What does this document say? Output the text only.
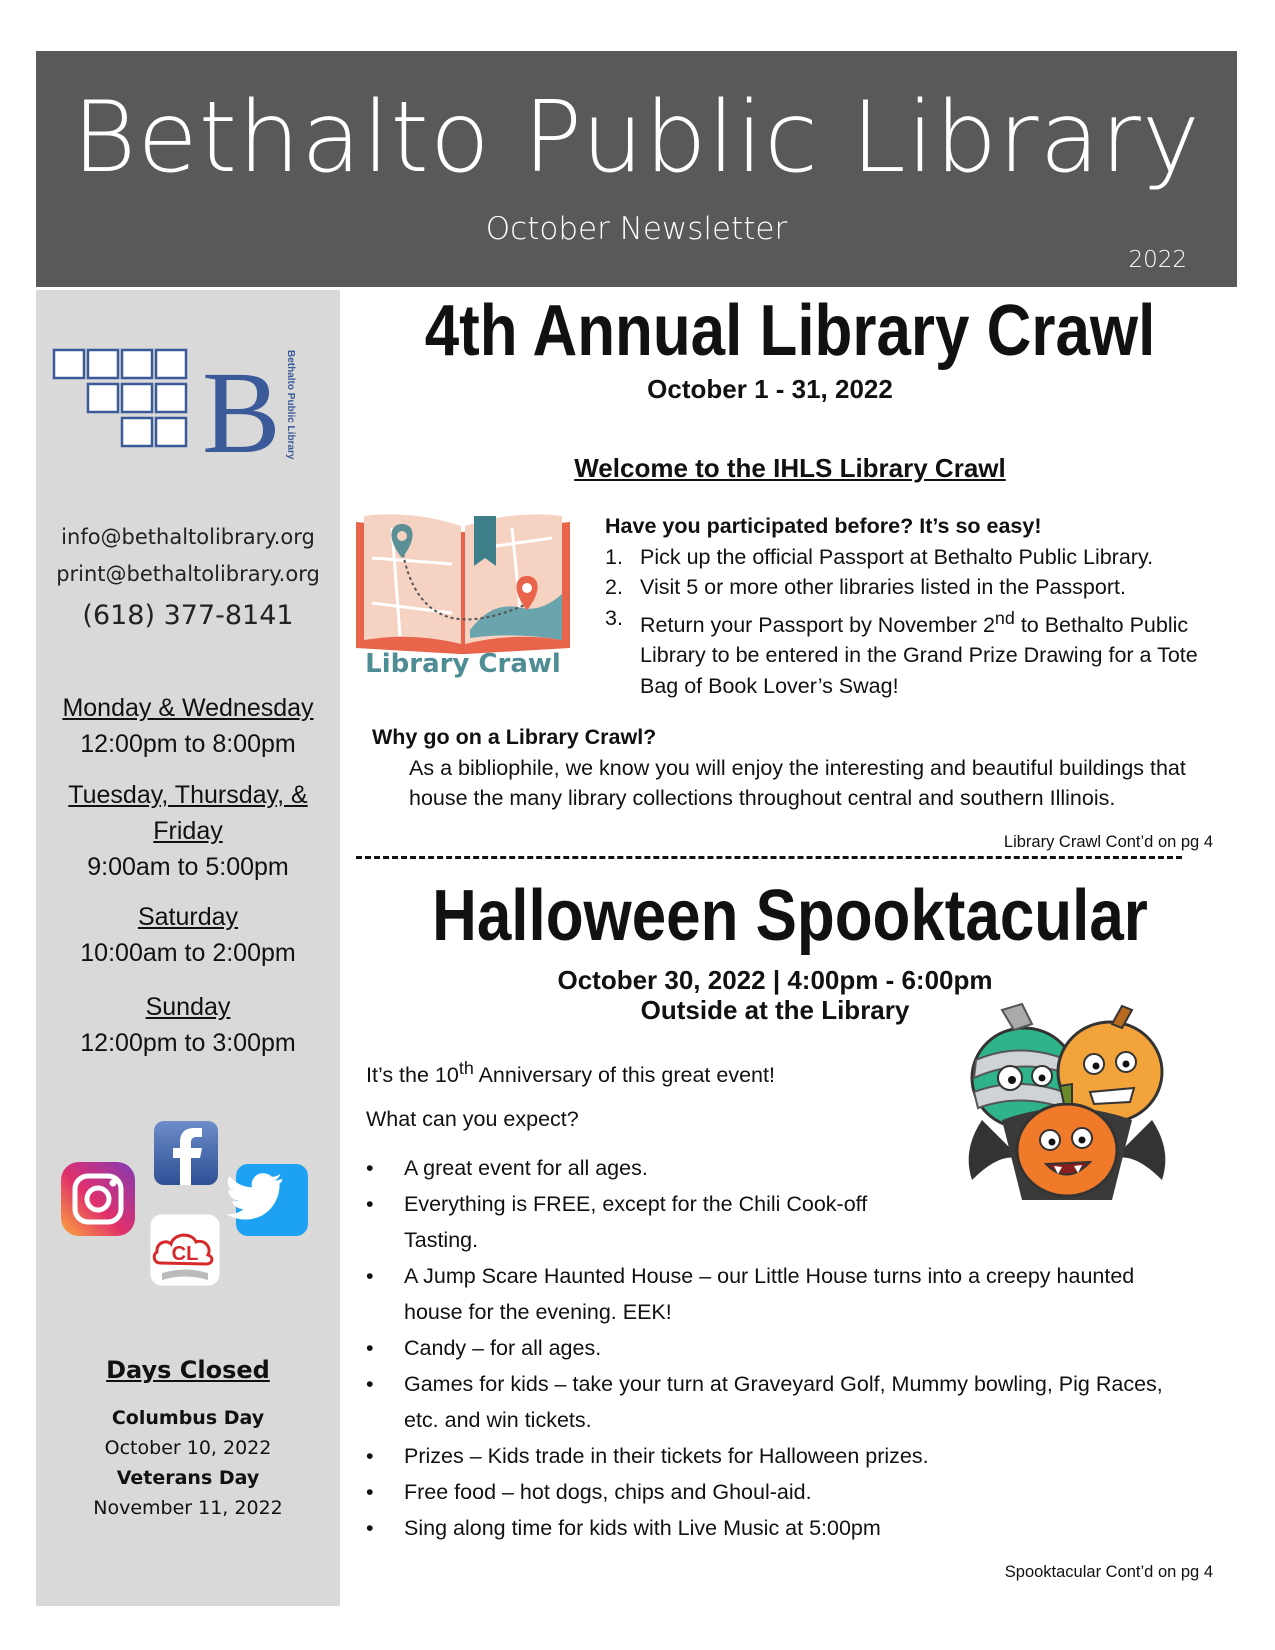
Bethalto Public Library
October Newsletter
2022
B Bethalto Public Library
info@bethaltolibrary.org
print@bethaltolibrary.org
(618) 377-8141
Monday & Wednesday
12:00pm to 8:00pm
Tuesday, Thursday, &
Friday
9:00am to 5:00pm
Saturday
10:00am to 2:00pm
Sunday
12:00pm to 3:00pm
CL
Days Closed
Columbus Day
October 10, 2022
Veterans Day
November 11, 2022
4th Annual Library Crawl
October 1 - 31, 2022
Welcome to the IHLS Library Crawl
Library Crawl
Have you participated before? It’s so easy!
1. Pick up the official Passport at Bethalto Public Library.
2. Visit 5 or more other libraries listed in the Passport.
3. Return your Passport by November 2nd to Bethalto Public Library to be entered in the Grand Prize Drawing for a Tote Bag of Book Lover’s Swag!
Why go on a Library Crawl?
As a bibliophile, we know you will enjoy the interesting and beautiful buildings that house the many library collections throughout central and southern Illinois.
Library Crawl Cont’d on pg 4
Halloween Spooktacular
October 30, 2022 | 4:00pm - 6:00pm
Outside at the Library
It’s the 10th Anniversary of this great event!
What can you expect?
• A great event for all ages.
• Everything is FREE, except for the Chili Cook-off Tasting.
• A Jump Scare Haunted House – our Little House turns into a creepy haunted house for the evening. EEK!
• Candy – for all ages.
• Games for kids – take your turn at Graveyard Golf, Mummy bowling, Pig Races, etc. and win tickets.
• Prizes – Kids trade in their tickets for Halloween prizes.
• Free food – hot dogs, chips and Ghoul-aid.
• Sing along time for kids with Live Music at 5:00pm
Spooktacular Cont’d on pg 4
